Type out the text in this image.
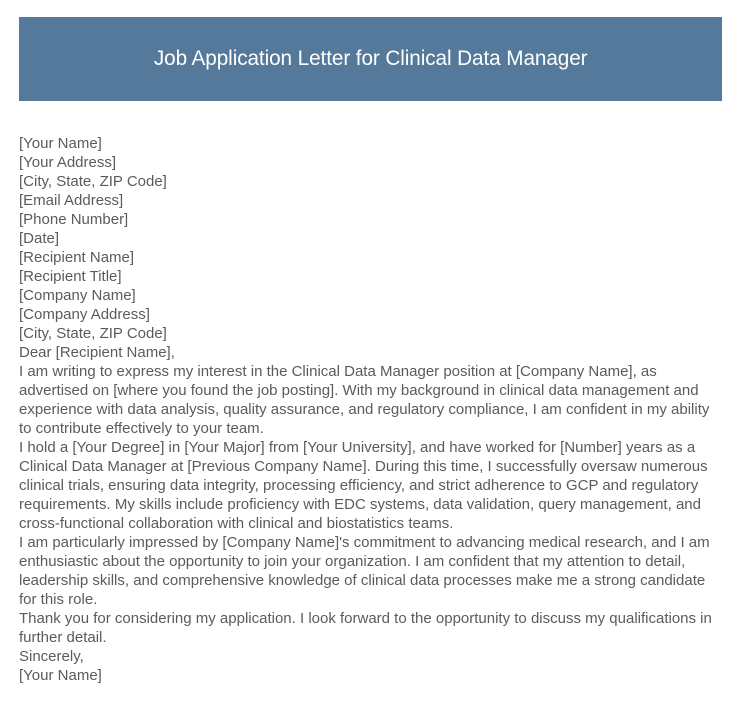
Job Application Letter for Clinical Data Manager
[Your Name]
[Your Address]
[City, State, ZIP Code]
[Email Address]
[Phone Number]
[Date]
[Recipient Name]
[Recipient Title]
[Company Name]
[Company Address]
[City, State, ZIP Code]
Dear [Recipient Name],
I am writing to express my interest in the Clinical Data Manager position at [Company Name], as advertised on [where you found the job posting]. With my background in clinical data management and experience with data analysis, quality assurance, and regulatory compliance, I am confident in my ability to contribute effectively to your team.
I hold a [Your Degree] in [Your Major] from [Your University], and have worked for [Number] years as a Clinical Data Manager at [Previous Company Name]. During this time, I successfully oversaw numerous clinical trials, ensuring data integrity, processing efficiency, and strict adherence to GCP and regulatory requirements. My skills include proficiency with EDC systems, data validation, query management, and cross-functional collaboration with clinical and biostatistics teams.
I am particularly impressed by [Company Name]'s commitment to advancing medical research, and I am enthusiastic about the opportunity to join your organization. I am confident that my attention to detail, leadership skills, and comprehensive knowledge of clinical data processes make me a strong candidate for this role.
Thank you for considering my application. I look forward to the opportunity to discuss my qualifications in further detail.
Sincerely,
[Your Name]
